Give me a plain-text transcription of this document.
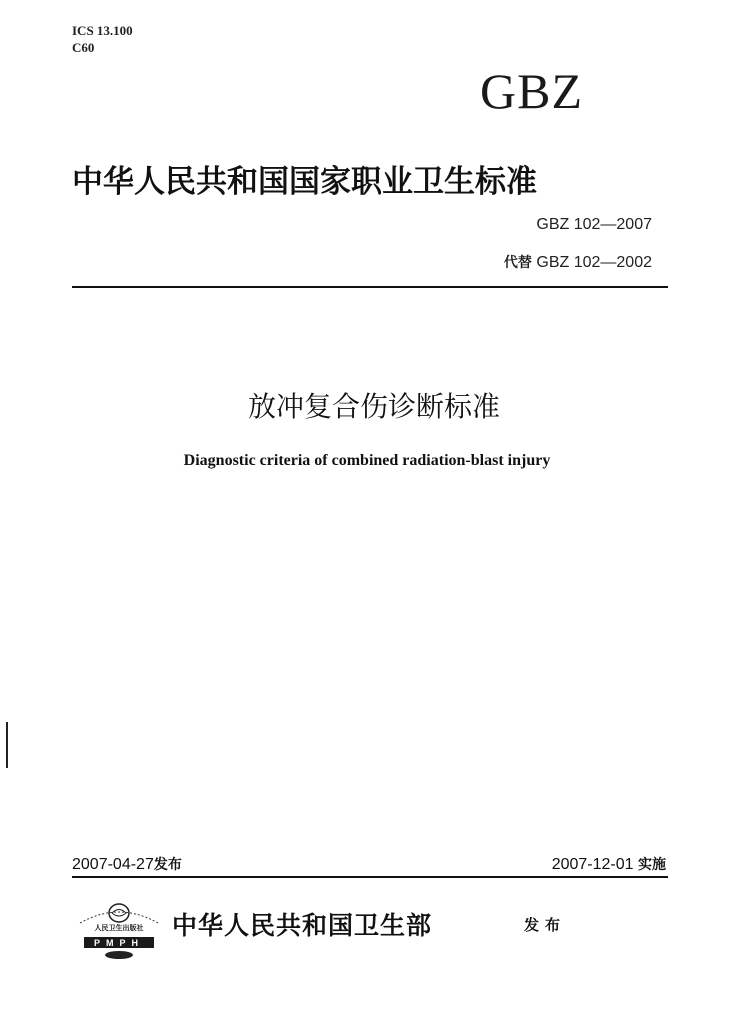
ICS 13.100
C60
GBZ
中华人民共和国国家职业卫生标准
GBZ 102—2007
代替 GBZ 102—2002
放冲复合伤诊断标准
Diagnostic criteria of combined radiation-blast injury
2007-04-27发布	2007-12-01 实施
人民卫生出版社
PMPH
中华人民共和国卫生部	发布
